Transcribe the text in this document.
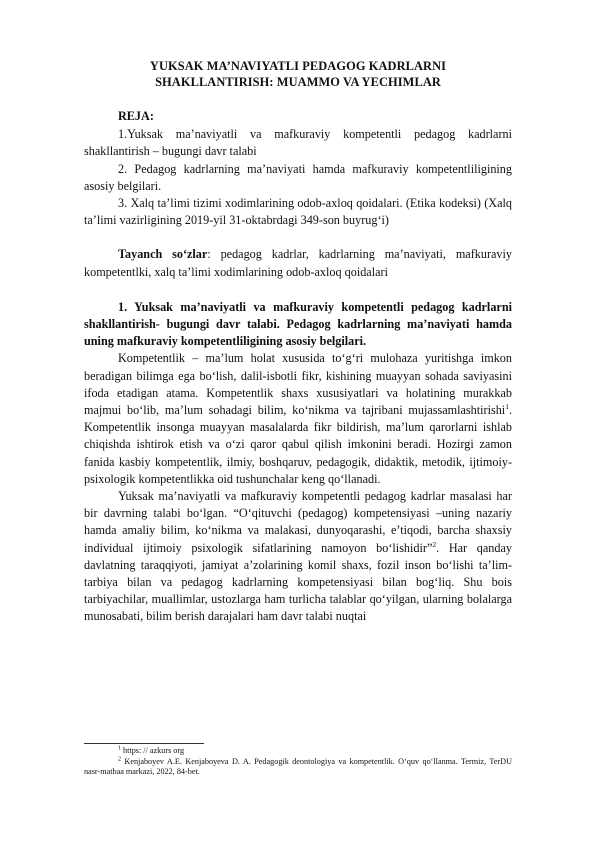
YUKSAK MA’NAVIYATLI PEDAGOG KADRLARNI
SHAKLLANTIRISH: MUAMMO VA YECHIMLAR

REJA:

1.Yuksak ma’naviyatli va mafkuraviy kompetentli pedagog kadrlarni shakllantirish – bugungi davr talabi

2. Pedagog kadrlarning ma’naviyati hamda mafkuraviy kompetentliligining asosiy belgilari.

3. Xalq ta’limi tizimi xodimlarining odob-axloq qoidalari. (Etika kodeksi) (Xalq ta’limi vazirligining 2019-yil 31-oktabrdagi 349-son buyrug‘i)

Tayanch so‘zlar: pedagog kadrlar, kadrlarning ma’naviyati, mafkuraviy kompetentlki, xalq ta’limi xodimlarining odob-axloq qoidalari

1. Yuksak ma’naviyatli va mafkuraviy kompetentli pedagog kadrlarni shakllantirish- bugungi davr talabi. Pedagog kadrlarning ma’naviyati hamda uning mafkuraviy kompetentliligining asosiy belgilari.

Kompetentlik – ma’lum holat xususida to‘g‘ri mulohaza yuritishga imkon beradigan bilimga ega bo‘lish, dalil-isbotli fikr, kishining muayyan sohada saviyasini ifoda etadigan atama. Kompetentlik shaxs xususiyatlari va holatining murakkab majmui bo‘lib, ma’lum sohadagi bilim, ko‘nikma va tajribani mujassamlashtirishi$^1$. Kompetentlik insonga muayyan masalalarda fikr bildirish, ma’lum qarorlarni ishlab chiqishda ishtirok etish va o‘zi qaror qabul qilish imkonini beradi. Hozirgi zamon fanida kasbiy kompetentlik, ilmiy, boshqaruv, pedagogik, didaktik, metodik, ijtimoiy-psixologik kompetentlikka oid tushunchalar keng qo‘llanadi.

Yuksak ma’naviyatli va mafkuraviy kompetentli pedagog kadrlar masalasi har bir davrning talabi bo‘lgan. “O‘qituvchi (pedagog) kompetensiyasi –uning nazariy hamda amaliy bilim, ko‘nikma va malakasi, dunyoqarashi, e’tiqodi, barcha shaxsiy individual ijtimoiy psixologik sifatlarining namoyon bo‘lishidir”$^2$. Har qanday davlatning taraqqiyoti, jamiyat a’zolarining komil shaxs, fozil inson bo‘lishi ta’lim-tarbiya bilan va pedagog kadrlarning kompetensiyasi bilan bog‘liq. Shu bois tarbiyachilar, muallimlar, ustozlarga ham turlicha talablar qo‘yilgan, ularning bolalarga munosabati, bilim berish darajalari ham davr talabi nuqtai

$^1$ https: // azkurs org

$^2$ Kenjaboyev A.E. Kenjaboyeva D. A. Pedagogik deontologiya va kompetentlik. O‘quv qo‘llanma. Termiz, TerDU nasr-matbaa markazi, 2022, 84-bet.
